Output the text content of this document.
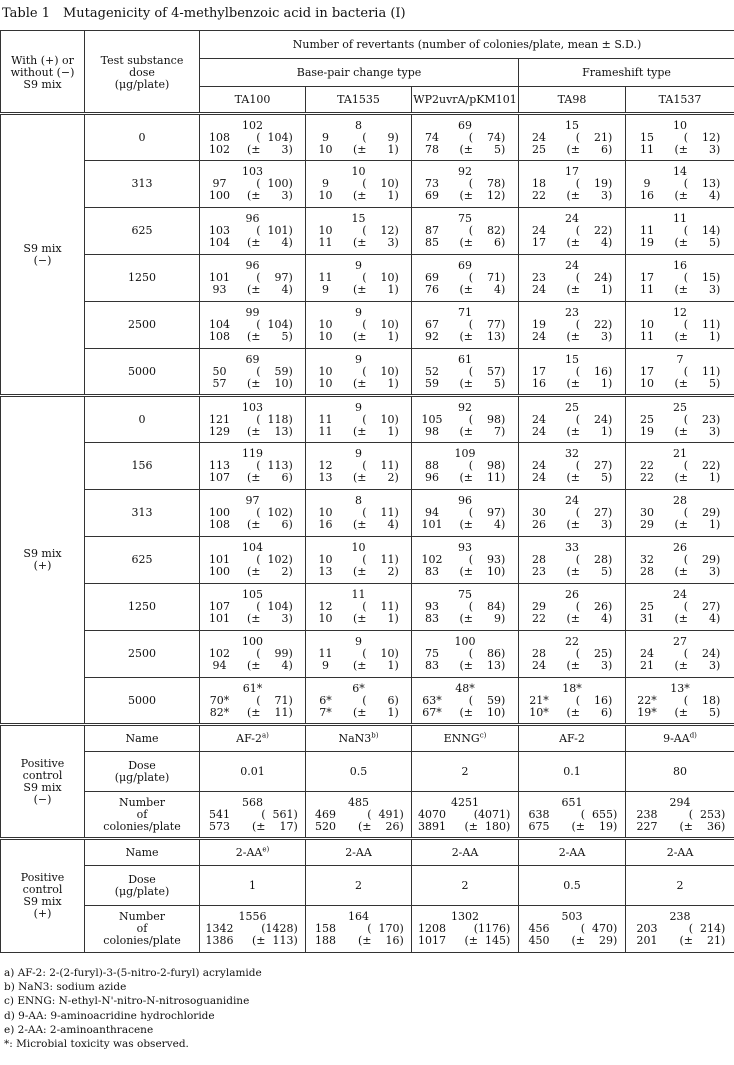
Table 1　Mutagenicity of 4-methylbenzoic acid in bacteria (I)
With (+) or
without (−)
S9 mix	Test substance
dose
(μg/plate)	Number of revertants (number of colonies/plate, mean ± S.D.)				
		Base-pair change type			Frameshift type	
		TA100	TA1535	WP2uvrA/pKM101	TA98	TA1537

S9 mix
(−)	0	102
108 ( 104)
102 (± 3)	8
9 ( 9)
10 (± 1)	69
74 ( 74)
78 (± 5)	15
24 ( 21)
25 (± 6)	10
15 ( 12)
11 (± 3)

	313	103
97 ( 100)
100 (± 3)	10
9 ( 10)
10 (± 1)	92
73 ( 78)
69 (± 12)	17
18 ( 19)
22 (± 3)	14
9 ( 13)
16 (± 4)

	625	96
103 ( 101)
104 (± 4)	15
10 ( 12)
11 (± 3)	75
87 ( 82)
85 (± 6)	24
24 ( 22)
17 (± 4)	11
11 ( 14)
19 (± 5)

	1250	96
101 ( 97)
93 (± 4)	9
11 ( 10)
9 (± 1)	69
69 ( 71)
76 (± 4)	24
23 ( 24)
24 (± 1)	16
17 ( 15)
11 (± 3)

	2500	99
104 ( 104)
108 (± 5)	9
10 ( 10)
10 (± 1)	71
67 ( 77)
92 (± 13)	23
19 ( 22)
24 (± 3)	12
10 ( 11)
11 (± 1)

	5000	69
50 ( 59)
57 (± 10)	9
10 ( 10)
10 (± 1)	61
52 ( 57)
59 (± 5)	15
17 ( 16)
16 (± 1)	7
17 ( 11)
10 (± 5)

S9 mix
(+)	0	103
121 ( 118)
129 (± 13)	9
11 ( 10)
11 (± 1)	92
105 ( 98)
98 (± 7)	25
24 ( 24)
24 (± 1)	25
25 ( 23)
19 (± 3)

	156	119
113 ( 113)
107 (± 6)	9
12 ( 11)
13 (± 2)	109
88 ( 98)
96 (± 11)	32
24 ( 27)
24 (± 5)	21
22 ( 22)
22 (± 1)

	313	97
100 ( 102)
108 (± 6)	8
10 ( 11)
16 (± 4)	96
94 ( 97)
101 (± 4)	24
30 ( 27)
26 (± 3)	28
30 ( 29)
29 (± 1)

	625	104
101 ( 102)
100 (± 2)	10
10 ( 11)
13 (± 2)	93
102 ( 93)
83 (± 10)	33
28 ( 28)
23 (± 5)	26
32 ( 29)
28 (± 3)

	1250	105
107 ( 104)
101 (± 3)	11
12 ( 11)
10 (± 1)	75
93 ( 84)
83 (± 9)	26
29 ( 26)
22 (± 4)	24
25 ( 27)
31 (± 4)

	2500	100
102 ( 99)
94 (± 4)	9
11 ( 10)
9 (± 1)	100
75 ( 86)
83 (± 13)	22
28 ( 25)
24 (± 3)	27
24 ( 24)
21 (± 3)

	5000	61*
70* ( 71)
82* (± 11)	6*
6* ( 6)
7* (± 1)	48*
63* ( 59)
67* (± 10)	18*
21* ( 16)
10* (± 6)	13*
22* ( 18)
19* (± 5)

Positive
control
S9 mix
(−)	Name	AF-2$^{a)}$	NaN3$^{b)}$	ENNG$^{c)}$	AF-2	9-AA$^{d)}$

	Dose
(μg/plate)	0.01	0.5	2	0.1	80

	Number
of
colonies/plate	568
541 ( 561)
573 (± 17)	485
469 ( 491)
520 (± 26)	4251
4070 (4071)
3891 (± 180)	651
638 ( 655)
675 (± 19)	294
238 ( 253)
227 (± 36)

Positive
control
S9 mix
(+)	Name	2-AA$^{e)}$	2-AA	2-AA	2-AA	2-AA

	Dose
(μg/plate)	1	2	2	0.5	2

	Number
of
colonies/plate	1556
1342 (1428)
1386 (± 113)	164
158 ( 170)
188 (± 16)	1302
1208 (1176)
1017 (± 145)	503
456 ( 470)
450 (± 29)	238
203 ( 214)
201 (± 21)
a) AF-2: 2-(2-furyl)-3-(5-nitro-2-furyl) acrylamide
b) NaN3: sodium azide
c) ENNG: N-ethyl-N'-nitro-N-nitrosoguanidine
d) 9-AA: 9-aminoacridine hydrochloride
e) 2-AA: 2-aminoanthracene
*: Microbial toxicity was observed.
